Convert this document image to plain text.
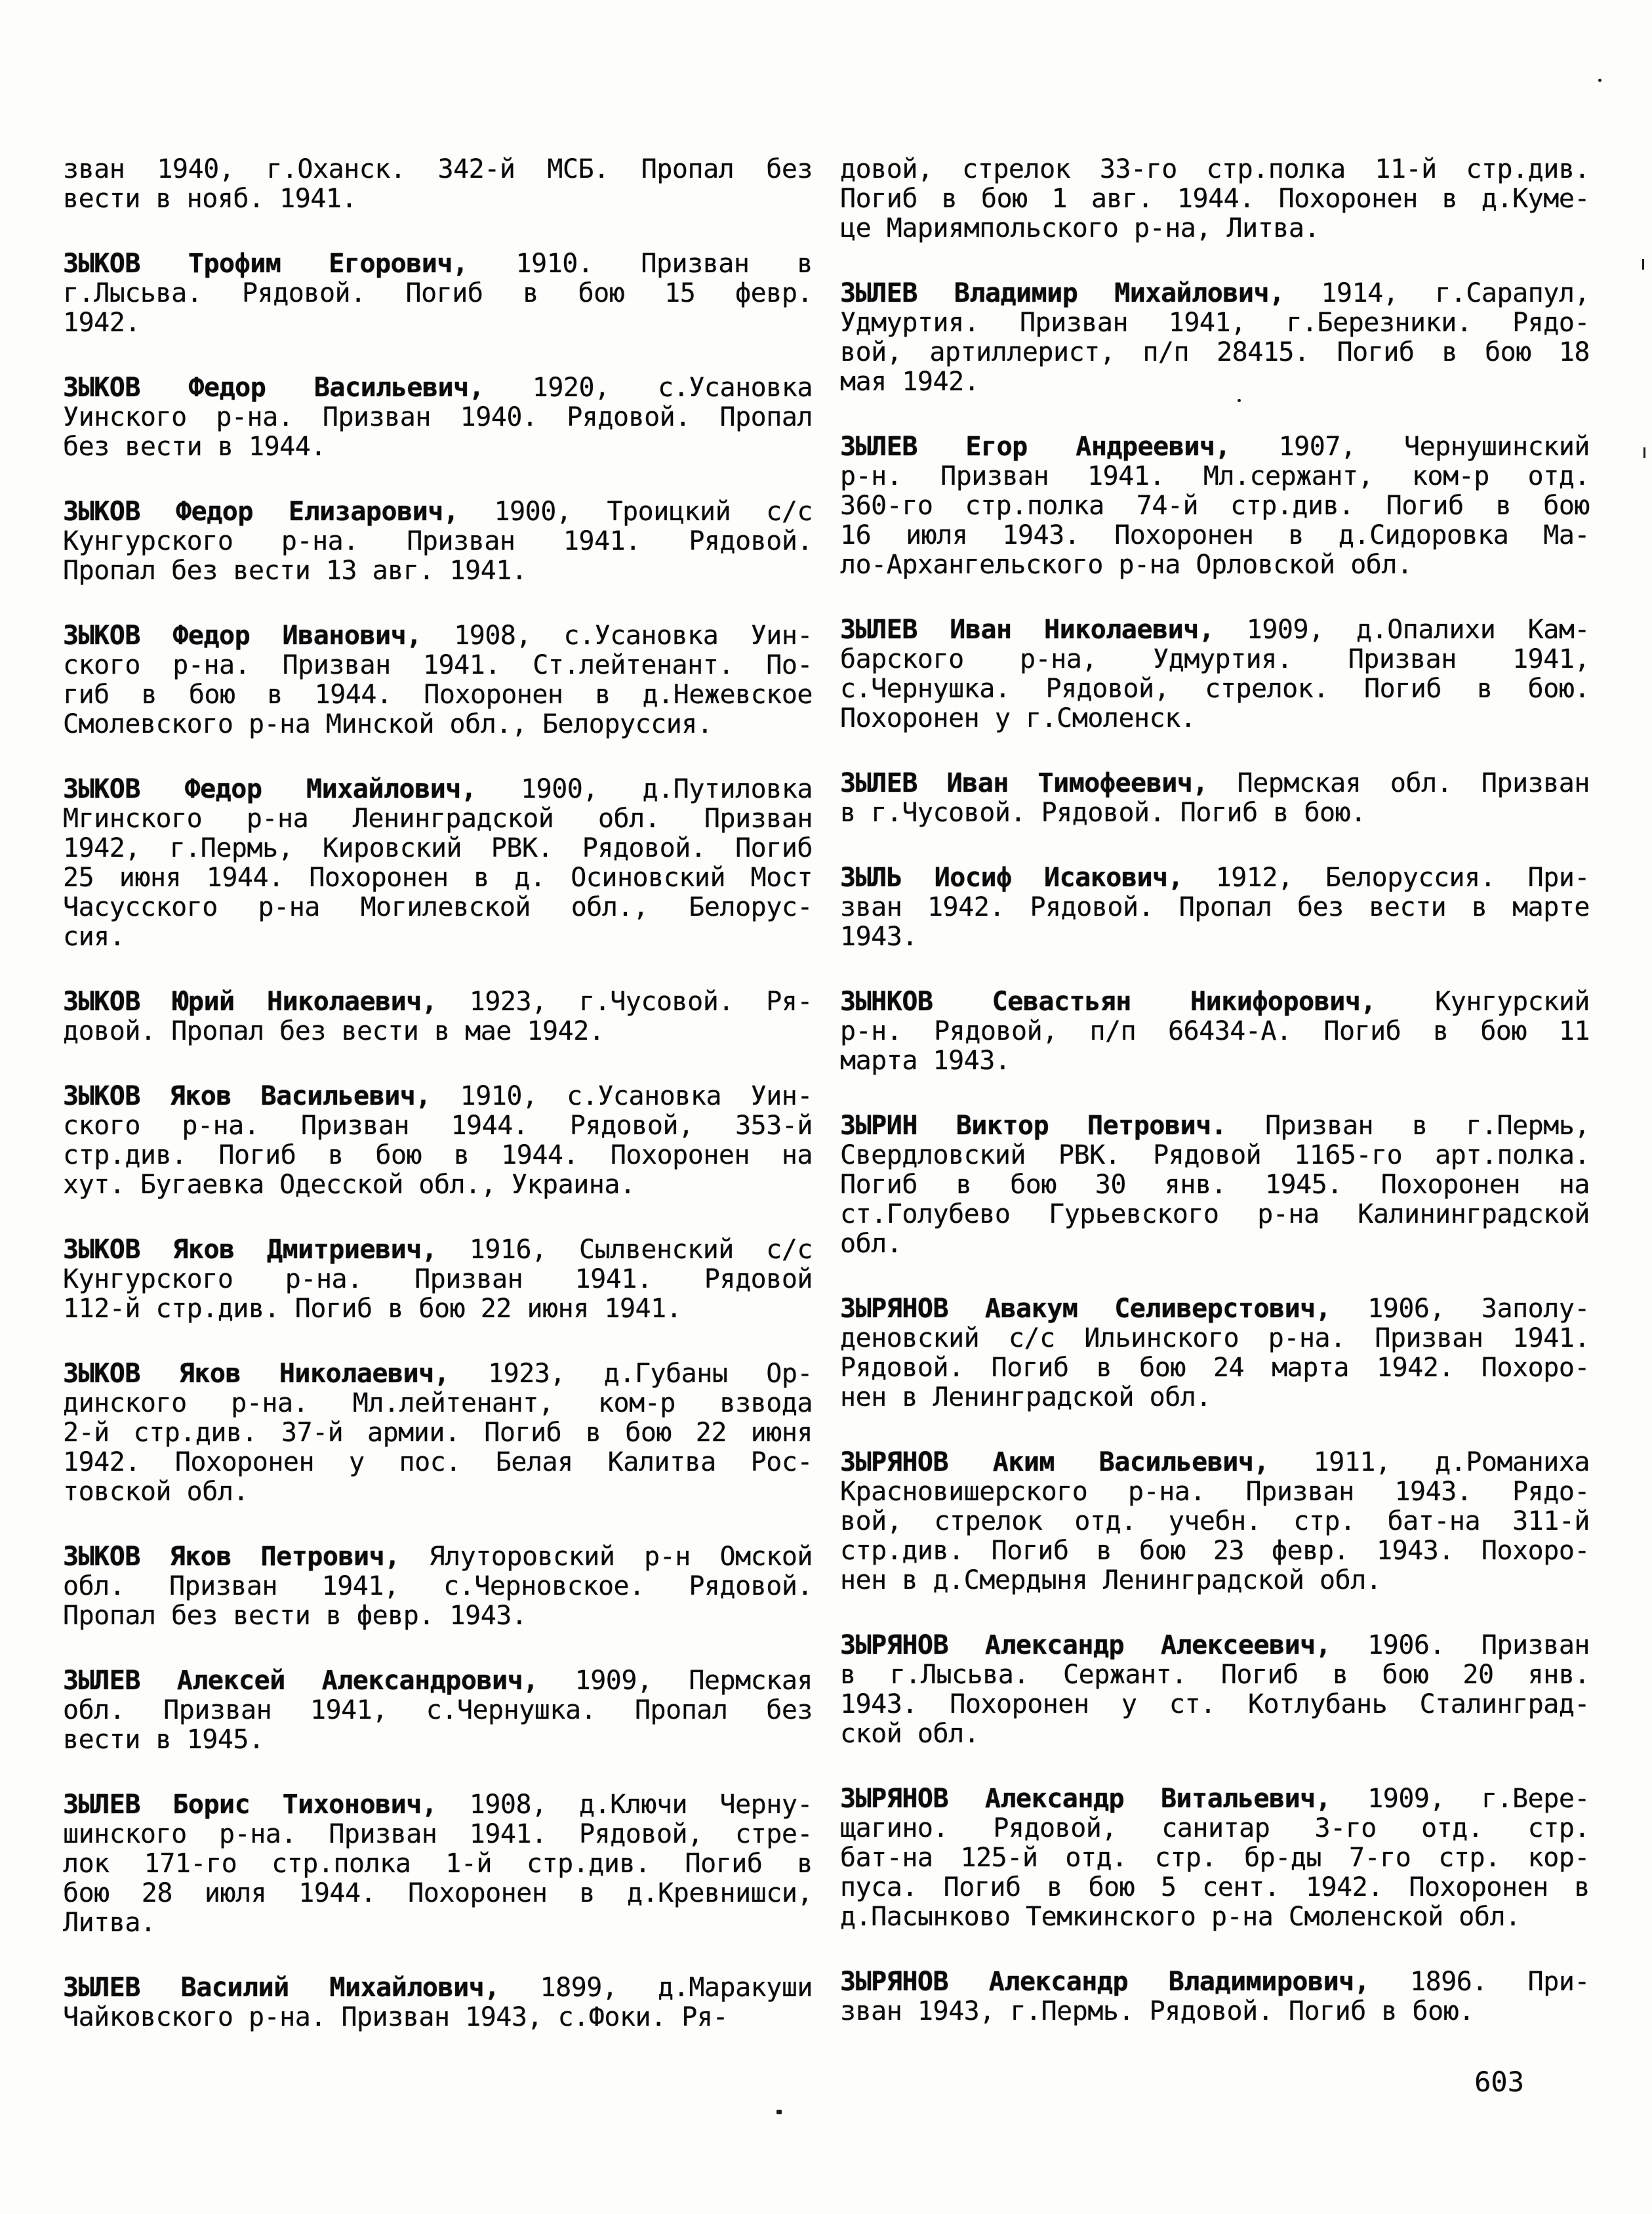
зван 1940, г.Оханск. 342-й МСБ. Пропал без
вести в нояб. 1941.
ЗЫКОВ Трофим Егорович, 1910. Призван в
г.Лысьва. Рядовой. Погиб в бою 15 февр.
1942.
ЗЫКОВ Федор Васильевич, 1920, с.Усановка
Уинского р-на. Призван 1940. Рядовой. Пропал
без вести в 1944.
ЗЫКОВ Федор Елизарович, 1900, Троицкий с/с
Кунгурского р-на. Призван 1941. Рядовой.
Пропал без вести 13 авг. 1941.
ЗЫКОВ Федор Иванович, 1908, с.Усановка Уин-
ского р-на. Призван 1941. Ст.лейтенант. По-
гиб в бою в 1944. Похоронен в д.Нежевское
Смолевского р-на Минской обл., Белоруссия.
ЗЫКОВ Федор Михайлович, 1900, д.Путиловка
Мгинского р-на Ленинградской обл. Призван
1942, г.Пермь, Кировский РВК. Рядовой. Погиб
25 июня 1944. Похоронен в д. Осиновский Мост
Часусского р-на Могилевской обл., Белорус-
сия.
ЗЫКОВ Юрий Николаевич, 1923, г.Чусовой. Ря-
довой. Пропал без вести в мае 1942.
ЗЫКОВ Яков Васильевич, 1910, с.Усановка Уин-
ского р-на. Призван 1944. Рядовой, 353-й
стр.див. Погиб в бою в 1944. Похоронен на
хут. Бугаевка Одесской обл., Украина.
ЗЫКОВ Яков Дмитриевич, 1916, Сылвенский с/с
Кунгурского р-на. Призван 1941. Рядовой
112-й стр.див. Погиб в бою 22 июня 1941.
ЗЫКОВ Яков Николаевич, 1923, д.Губаны Ор-
динского р-на. Мл.лейтенант, ком-р взвода
2-й стр.див. 37-й армии. Погиб в бою 22 июня
1942. Похоронен у пос. Белая Калитва Рос-
товской обл.
ЗЫКОВ Яков Петрович, Ялуторовский р-н Омской
обл. Призван 1941, с.Черновское. Рядовой.
Пропал без вести в февр. 1943.
ЗЫЛЕВ Алексей Александрович, 1909, Пермская
обл. Призван 1941, с.Чернушка. Пропал без
вести в 1945.
ЗЫЛЕВ Борис Тихонович, 1908, д.Ключи Черну-
шинского р-на. Призван 1941. Рядовой, стре-
лок 171-го стр.полка 1-й стр.див. Погиб в
бою 28 июля 1944. Похоронен в д.Кревнишси,
Литва.
ЗЫЛЕВ Василий Михайлович, 1899, д.Маракуши
Чайковского р-на. Призван 1943, с.Фоки. Ря-
довой, стрелок 33-го стр.полка 11-й стр.див.
Погиб в бою 1 авг. 1944. Похоронен в д.Куме-
це Мариямпольского р-на, Литва.
ЗЫЛЕВ Владимир Михайлович, 1914, г.Сарапул,
Удмуртия. Призван 1941, г.Березники. Рядо-
вой, артиллерист, п/п 28415. Погиб в бою 18
мая 1942.
ЗЫЛЕВ Егор Андреевич, 1907, Чернушинский
р-н. Призван 1941. Мл.сержант, ком-р отд.
360-го стр.полка 74-й стр.див. Погиб в бою
16 июля 1943. Похоронен в д.Сидоровка Ма-
ло-Архангельского р-на Орловской обл.
ЗЫЛЕВ Иван Николаевич, 1909, д.Опалихи Кам-
барского р-на, Удмуртия. Призван 1941,
с.Чернушка. Рядовой, стрелок. Погиб в бою.
Похоронен у г.Смоленск.
ЗЫЛЕВ Иван Тимофеевич, Пермская обл. Призван
в г.Чусовой. Рядовой. Погиб в бою.
ЗЫЛЬ Иосиф Исакович, 1912, Белоруссия. При-
зван 1942. Рядовой. Пропал без вести в марте
1943.
ЗЫНКОВ Севастьян Никифорович, Кунгурский
р-н. Рядовой, п/п 66434-А. Погиб в бою 11
марта 1943.
ЗЫРИН Виктор Петрович. Призван в г.Пермь,
Свердловский РВК. Рядовой 1165-го арт.полка.
Погиб в бою 30 янв. 1945. Похоронен на
ст.Голубево Гурьевского р-на Калининградской
обл.
ЗЫРЯНОВ Авакум Селиверстович, 1906, Заполу-
деновский с/с Ильинского р-на. Призван 1941.
Рядовой. Погиб в бою 24 марта 1942. Похоро-
нен в Ленинградской обл.
ЗЫРЯНОВ Аким Васильевич, 1911, д.Романиха
Красновишерского р-на. Призван 1943. Рядо-
вой, стрелок отд. учебн. стр. бат-на 311-й
стр.див. Погиб в бою 23 февр. 1943. Похоро-
нен в д.Смердыня Ленинградской обл.
ЗЫРЯНОВ Александр Алексеевич, 1906. Призван
в г.Лысьва. Сержант. Погиб в бою 20 янв.
1943. Похоронен у ст. Котлубань Сталинград-
ской обл.
ЗЫРЯНОВ Александр Витальевич, 1909, г.Вере-
щагино. Рядовой, санитар 3-го отд. стр.
бат-на 125-й отд. стр. бр-ды 7-го стр. кор-
пуса. Погиб в бою 5 сент. 1942. Похоронен в
д.Пасынково Темкинского р-на Смоленской обл.
ЗЫРЯНОВ Александр Владимирович, 1896. При-
зван 1943, г.Пермь. Рядовой. Погиб в бою.
603
